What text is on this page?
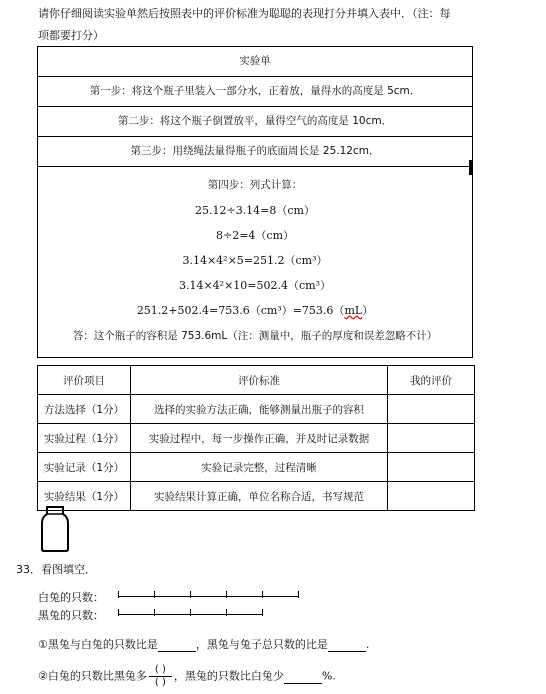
请你仔细阅读实验单然后按照表中的评价标准为聪聪的表现打分并填入表中．（注：每

项都要打分）

实验单
第一步：将这个瓶子里装入一部分水，正着放，量得水的高度是 5cm．
第二步：将这个瓶子倒置放平，量得空气的高度是 10cm．
第三步：用绕绳法量得瓶子的底面周长是 25.12cm．
第四步：列式计算：
25.12÷3.14=8（cm）
8÷2=4（cm）
3.14×4²×5=251.2（cm³）
3.14×4²×10=502.4（cm³）
251.2+502.4=753.6（cm³）=753.6（mL）
答：这个瓶子的容积是 753.6mL（注：测量中，瓶子的厚度和误差忽略不计）
评价项目	评价标准	我的评价
方法选择（1分）	选择的实验方法正确，能够测量出瓶子的容积	
实验过程（1分）	实验过程中，每一步操作正确，并及时记录数据	
实验记录（1分）	实验记录完整，过程清晰	
实验结果（1分）	实验结果计算正确，单位名称合适，书写规范	
33．看图填空．
白兔的只数：
黑兔的只数：
①黑兔与白兔的只数比是	，黑兔与兔子总只数的比是	.
②白兔的只数比黑兔多 $\frac{( )}{( )}$ ，黑兔的只数比白兔少	%.
